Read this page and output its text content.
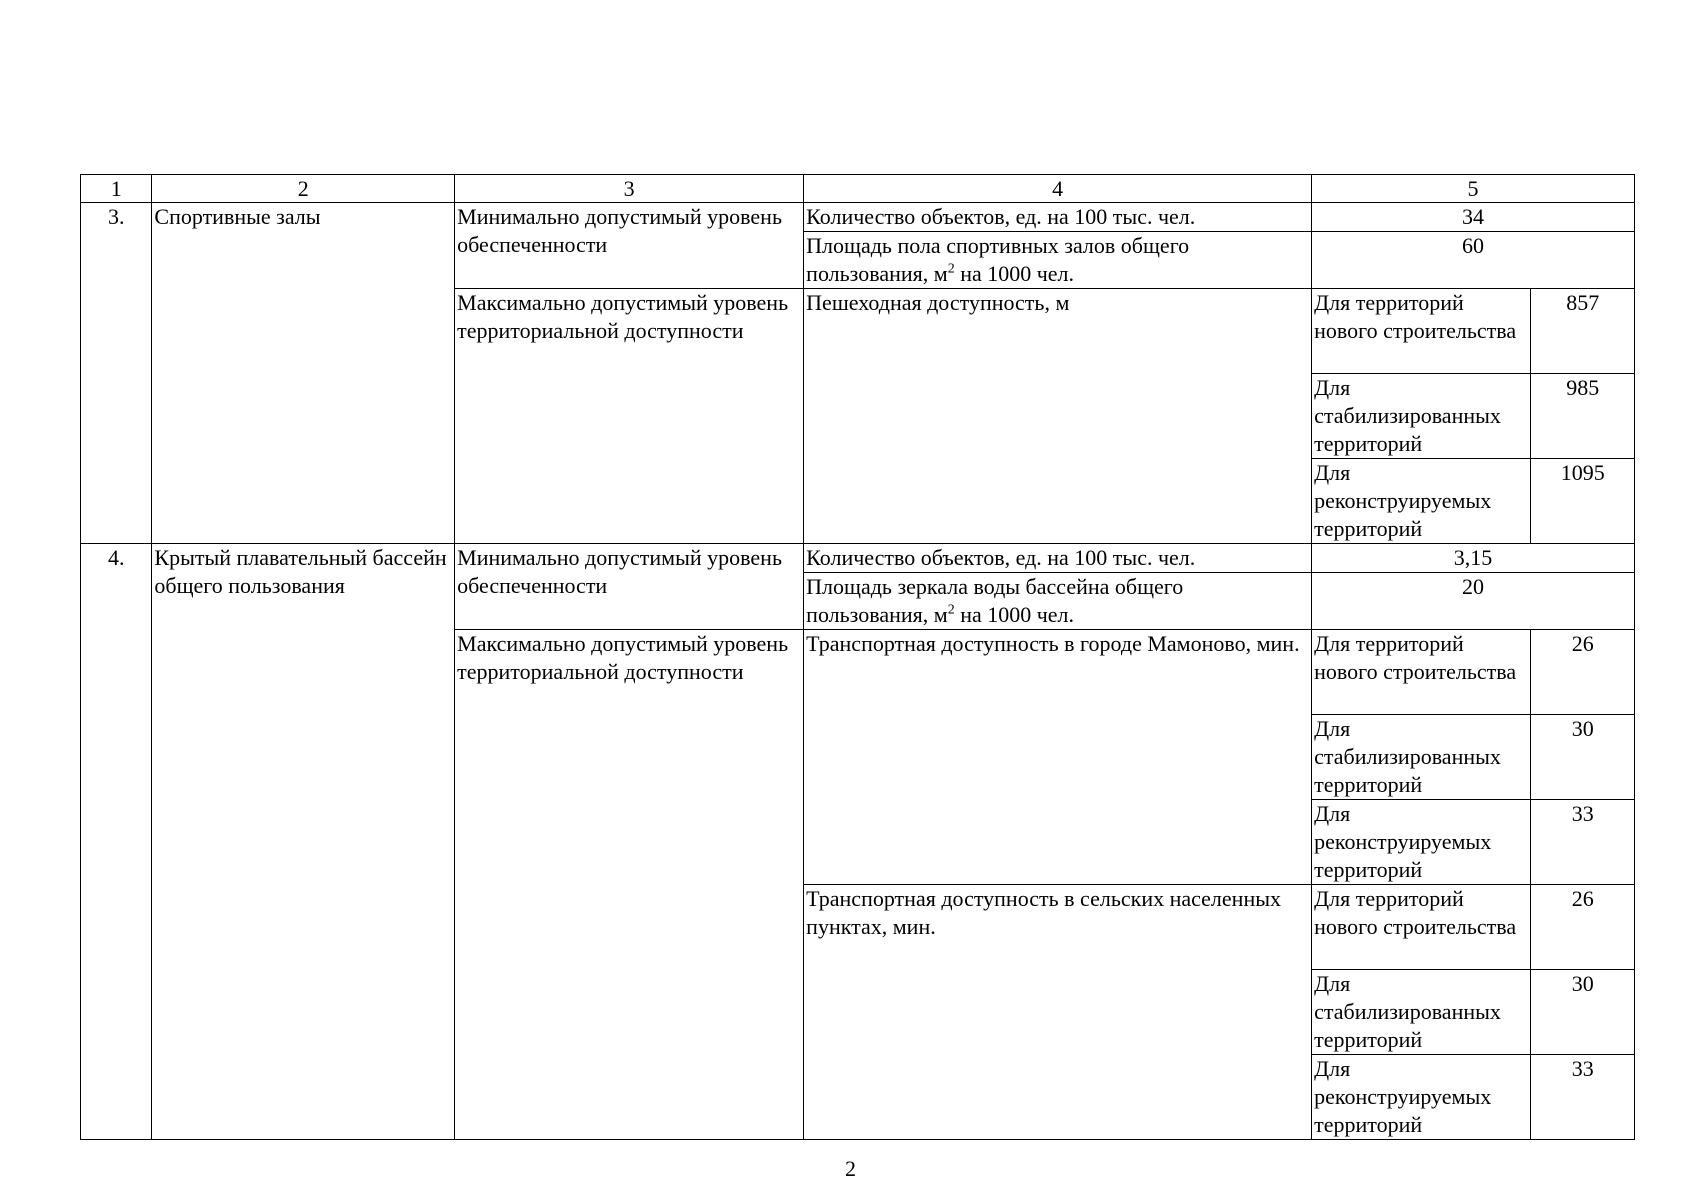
1	2	3	4	5	
3.	Спортивные залы	Минимально допустимый уровень обеспеченности	Количество объектов, ед. на 100 тыс. чел.	34	
			Площадь пола спортивных залов общего пользования, $м^2$ на 1000 чел.	60	
		Максимально допустимый уровень территориальной доступности	Пешеходная доступность, м	Для территорий нового строительства	857
				Для стабилизированных территорий	985
				Для реконструируемых территорий	1095
4.	Крытый плавательный бассейн общего пользования	Минимально допустимый уровень обеспеченности	Количество объектов, ед. на 100 тыс. чел.	3,15	
			Площадь зеркала воды бассейна общего пользования, $м^2$ на 1000 чел.	20	
		Максимально допустимый уровень территориальной доступности	Транспортная доступность в городе Мамоново, мин.	Для территорий нового строительства	26
				Для стабилизированных территорий	30
				Для реконструируемых территорий	33
			Транспортная доступность в сельских населенных пунктах, мин.	Для территорий нового строительства	26
				Для стабилизированных территорий	30
				Для реконструируемых территорий	33
2
